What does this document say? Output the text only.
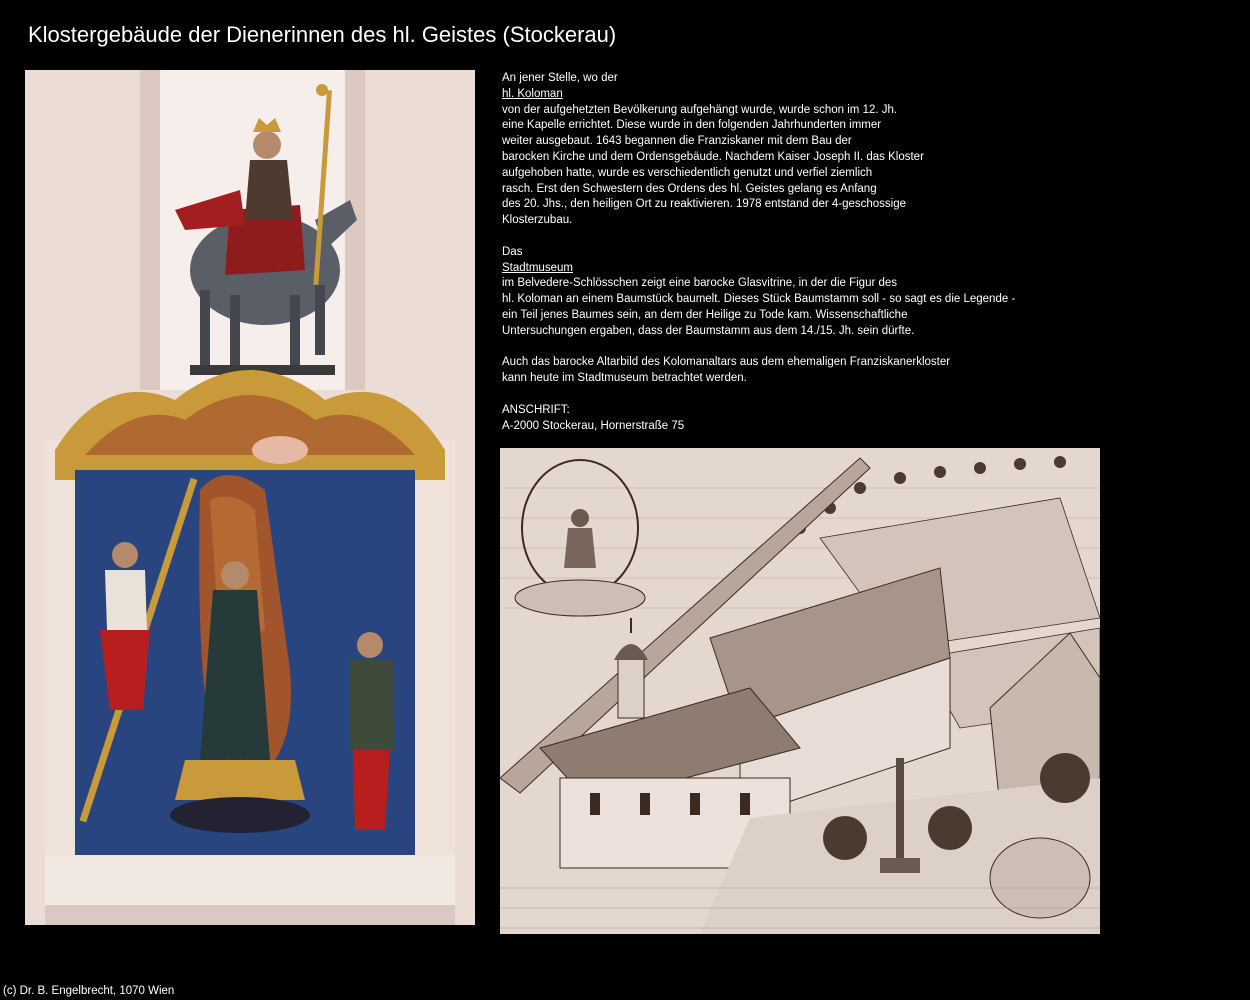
Klostergebäude der Dienerinnen des hl. Geistes (Stockerau)

An jener Stelle, wo der
hl. Koloman
von der aufgehetzten Bevölkerung aufgehängt wurde, wurde schon im 12. Jh.
eine Kapelle errichtet. Diese wurde in den folgenden Jahrhunderten immer
weiter ausgebaut. 1643 begannen die Franziskaner mit dem Bau der
barocken Kirche und dem Ordensgebäude. Nachdem Kaiser Joseph II. das Kloster
aufgehoben hatte, wurde es verschiedentlich genutzt und verfiel ziemlich
rasch. Erst den Schwestern des Ordens des hl. Geistes gelang es Anfang
des 20. Jhs., den heiligen Ort zu reaktivieren. 1978 entstand der 4-geschossige
Klosterzubau.

Das
Stadtmuseum
im Belvedere-Schlösschen zeigt eine barocke Glasvitrine, in der die Figur des
hl. Koloman an einem Baumstück baumelt. Dieses Stück Baumstamm soll - so sagt es die Legende -
ein Teil jenes Baumes sein, an dem der Heilige zu Tode kam. Wissenschaftliche
Untersuchungen ergaben, dass der Baumstamm aus dem 14./15. Jh. sein dürfte.

Auch das barocke Altarbild des Kolomanaltars aus dem ehemaligen Franziskanerkloster
kann heute im Stadtmuseum betrachtet werden.

ANSCHRIFT:
A-2000 Stockerau, Hornerstraße 75

(c) Dr. B. Engelbrecht, 1070 Wien
